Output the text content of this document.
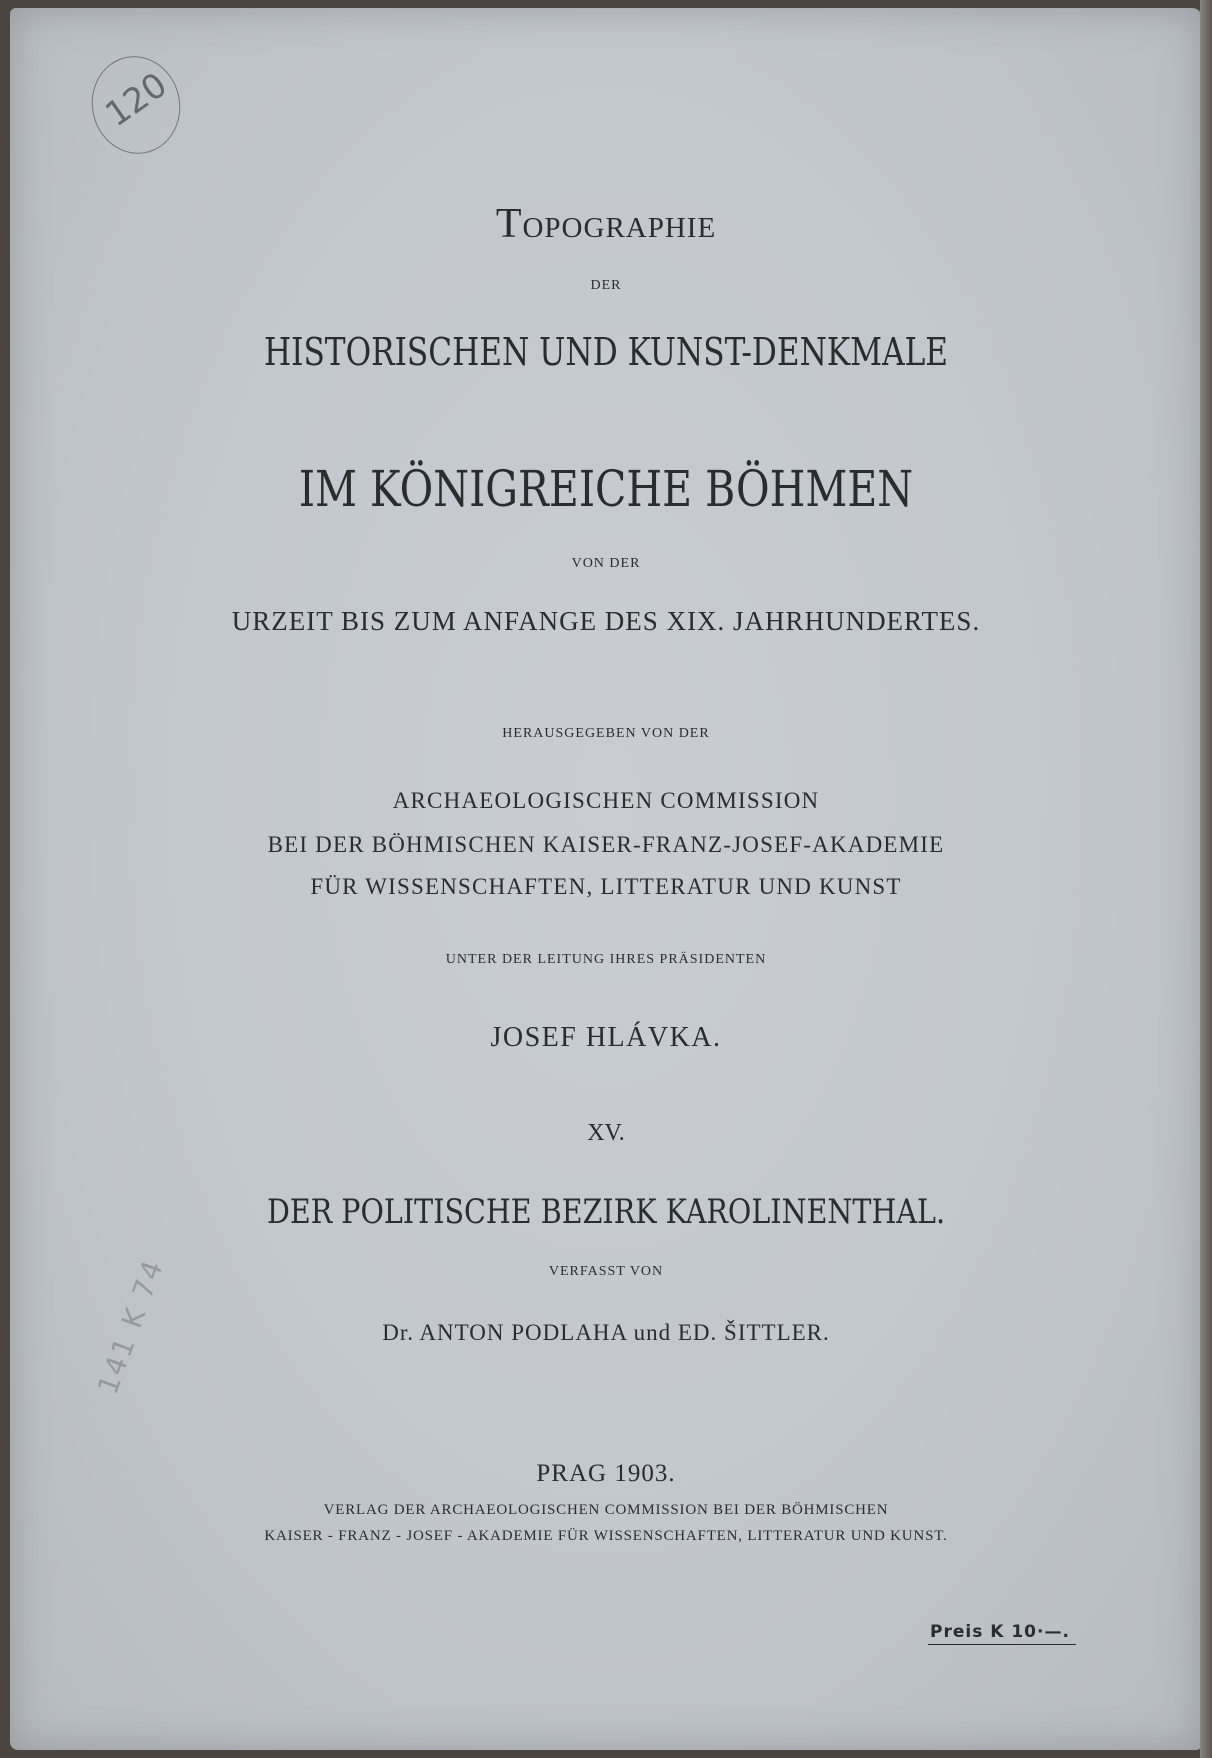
120
141 K 74
Topographie
DER
HISTORISCHEN UND KUNST-DENKMALE
IM KÖNIGREICHE BÖHMEN
VON DER
URZEIT BIS ZUM ANFANGE DES XIX. JAHRHUNDERTES.
HERAUSGEGEBEN VON DER
ARCHAEOLOGISCHEN COMMISSION
BEI DER BÖHMISCHEN KAISER-FRANZ-JOSEF-AKADEMIE
FÜR WISSENSCHAFTEN, LITTERATUR UND KUNST
UNTER DER LEITUNG IHRES PRÄSIDENTEN
JOSEF HLÁVKA.
XV.
DER POLITISCHE BEZIRK KAROLINENTHAL.
VERFASST VON
Dr. ANTON PODLAHA und ED. ŠITTLER.
PRAG 1903.
VERLAG DER ARCHAEOLOGISCHEN COMMISSION BEI DER BÖHMISCHEN
KAISER - FRANZ - JOSEF - AKADEMIE FÜR WISSENSCHAFTEN, LITTERATUR UND KUNST.
Preis K 10·—.
